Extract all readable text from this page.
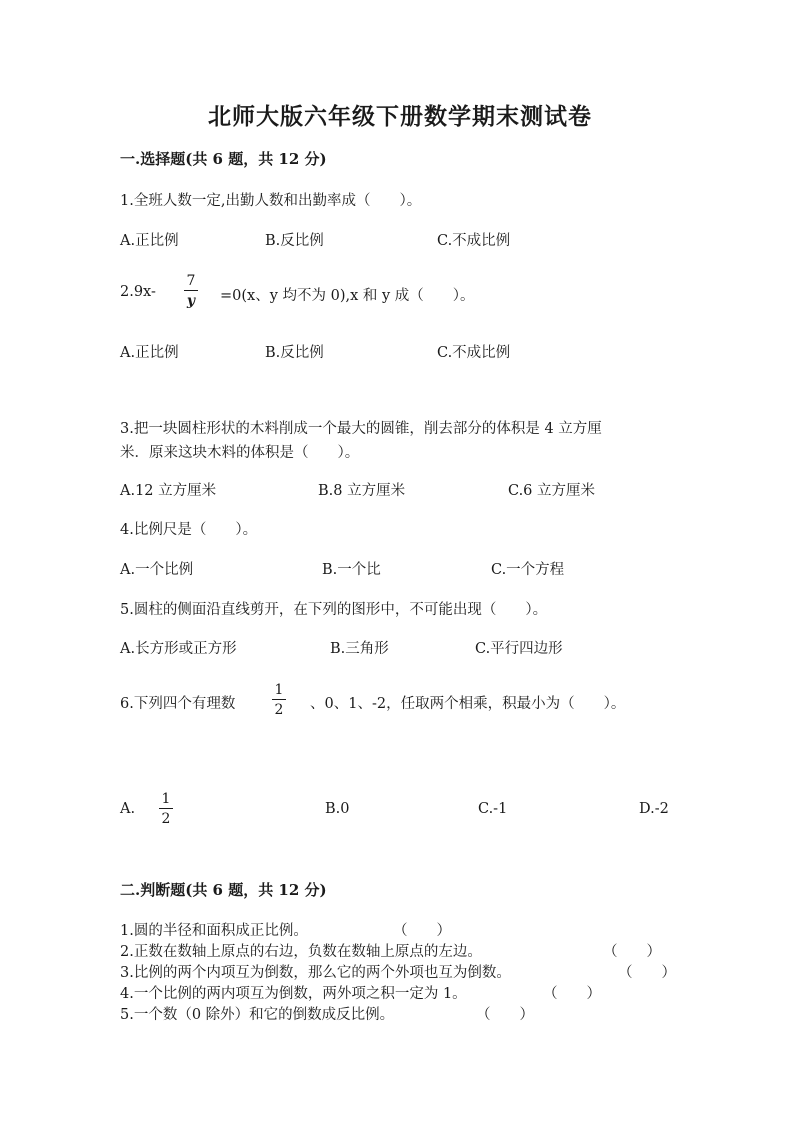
北师大版六年级下册数学期末测试卷
一.选择题(共 6 题，共 12 分)
1.全班人数一定,出勤人数和出勤率成（　　）。
A.正比例	B.反比例	C.不成比例
2.9x-
7
y =0(x、y 均不为 0),x 和 y 成（　　）。
A.正比例	B.反比例	C.不成比例
3.把一块圆柱形状的木料削成一个最大的圆锥，削去部分的体积是 4 立方厘
米．原来这块木料的体积是（　　）。
A.12 立方厘米	B.8 立方厘米	C.6 立方厘米
4.比例尺是（　　）。
A.一个比例	B.一个比	C.一个方程
5.圆柱的侧面沿直线剪开，在下列的图形中，不可能出现（　　）。
A.长方形或正方形	B.三角形	C.平行四边形
6.下列四个有理数
1
2 、0、1、-2，任取两个相乘，积最小为（　　）。
A.
1
2
B.0	C.-1	D.-2
二.判断题(共 6 题，共 12 分)
1.圆的半径和面积成正比例。	（　　）
2.正数在数轴上原点的右边，负数在数轴上原点的左边。	（　　）
3.比例的两个内项互为倒数，那么它的两个外项也互为倒数。	（　　）
4.一个比例的两内项互为倒数，两外项之积一定为 1。	（　　）
5.一个数（0 除外）和它的倒数成反比例。	（　　）
